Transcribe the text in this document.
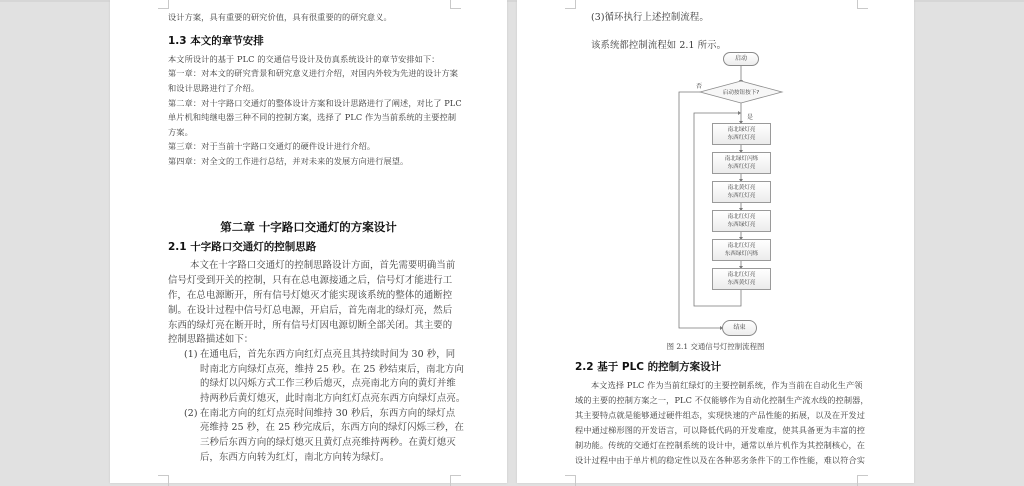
设计方案，具有重要的研究价值，具有很重要的的研究意义。
1.3 本文的章节安排
本文所设计的基于 PLC 的交通信号设计及仿真系统设计的章节安排如下：
第一章：对本文的研究背景和研究意义进行介绍，对国内外较为先进的设计方案
和设计思路进行了介绍。
第二章：对十字路口交通灯的整体设计方案和设计思路进行了阐述，对比了 PLC
单片机和纯继电器三种不同的控制方案，选择了 PLC 作为当前系统的主要控制
方案。
第三章：对于当前十字路口交通灯的硬件设计进行介绍。
第四章：对全文的工作进行总结，并对未来的发展方向进行展望。
第二章 十字路口交通灯的方案设计
2.1 十字路口交通灯的控制思路
本文在十字路口交通灯的控制思路设计方面，首先需要明确当前
信号灯受到开关的控制，只有在总电源接通之后，信号灯才能进行工
作，在总电源断开，所有信号灯熄灭才能实现该系统的整体的通断控
制。在设计过程中信号灯总电源，开启后，首先南北的绿灯亮，然后
东西的绿灯亮在断开时，所有信号灯因电源切断全部关闭。其主要的
控制思路描述如下：
(1) 在通电后，首先东西方向红灯点亮且其持续时间为 30 秒，同
时南北方向绿灯点亮，维持 25 秒。在 25 秒结束后，南北方向
的绿灯以闪烁方式工作三秒后熄灭，点亮南北方向的黄灯并维
持两秒后黄灯熄灭，此时南北方向红灯点亮东西方向绿灯点亮。
(2) 在南北方向的红灯点亮时间维持 30 秒后，东西方向的绿灯点
亮维持 25 秒，在 25 秒完成后，东西方向的绿灯闪烁三秒，在
三秒后东西方向的绿灯熄灭且黄灯点亮维持两秒。在黄灯熄灭
后，东西方向转为红灯，南北方向转为绿灯。
(3)循环执行上述控制流程。
该系统都控制流程如 2.1 所示。
启动
启动按钮按下?
否
是
南北绿灯亮
东西红灯亮
南北绿灯闪烁
东西红灯亮
南北黄灯亮
东西红灯亮
南北红灯亮
东西绿灯亮
南北红灯亮
东西绿灯闪烁
南北红灯亮
东西黄灯亮
结束
图 2.1 交通信号灯控制流程图
2.2 基于 PLC 的控制方案设计
本文选择 PLC 作为当前红绿灯的主要控制系统，作为当前在自动化生产领
域的主要的控制方案之一，PLC 不仅能够作为自动化控制生产流水线的控制器，
其主要特点就是能够通过硬件组态，实现快速的产品性能的拓展，以及在开发过
程中通过梯形图的开发语言，可以降低代码的开发难度，使其具备更为丰富的控
制功能。传统的交通灯在控制系统的设计中，通常以单片机作为其控制核心，在
设计过程中由于单片机的稳定性以及在各种恶劣条件下的工作性能，难以符合实
